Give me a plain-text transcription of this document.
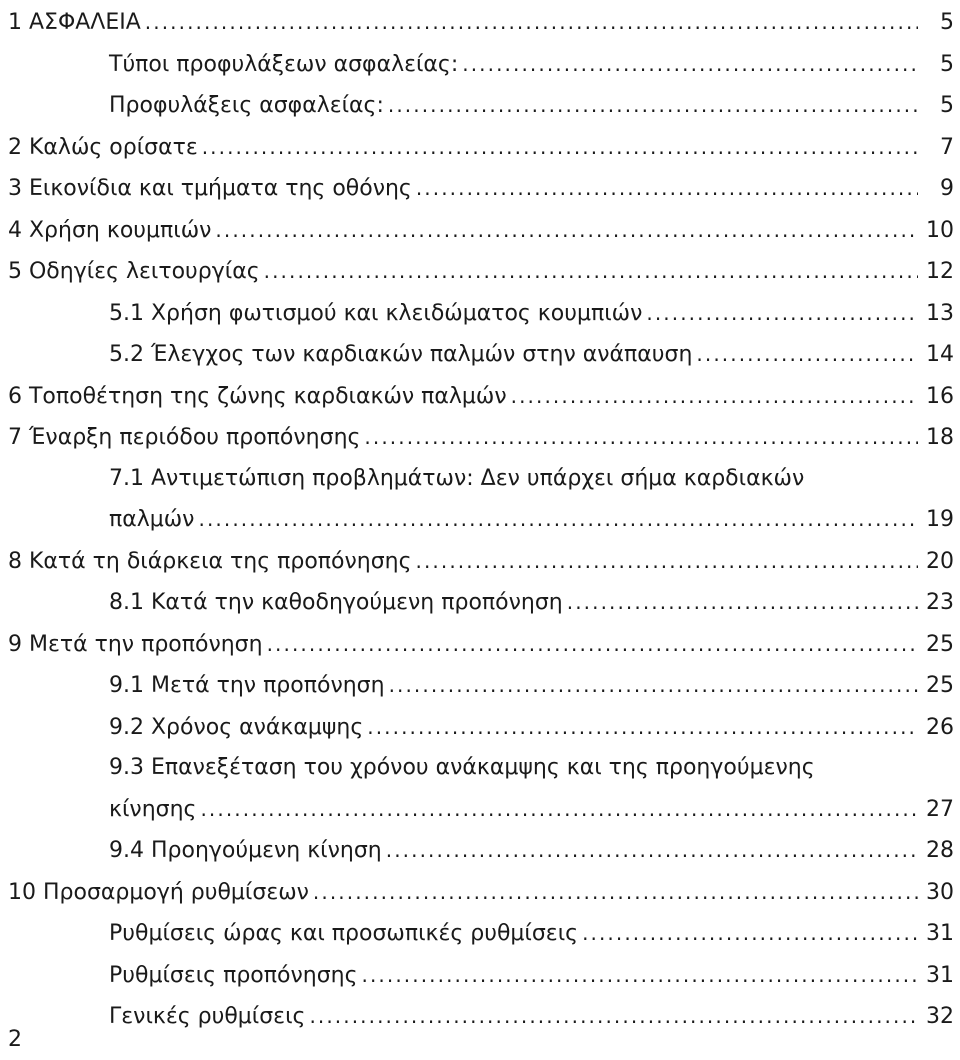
1 ΑΣΦΑΛΕΙΑ .....	5
Τύποι προφυλάξεων ασφαλείας: .....	5
Προφυλάξεις ασφαλείας: .....	5
2 Καλώς ορίσατε .....	7
3 Εικονίδια και τμήματα της οθόνης .....	9
4 Χρήση κουμπιών .....	10
5 Οδηγίες λειτουργίας .....	12
5.1 Χρήση φωτισμού και κλειδώματος κουμπιών .....	13
5.2 Έλεγχος των καρδιακών παλμών στην ανάπαυση .....	14
6 Τοποθέτηση της ζώνης καρδιακών παλμών .....	16
7 Έναρξη περιόδου προπόνησης .....	18
7.1 Αντιμετώπιση προβλημάτων: Δεν υπάρχει σήμα καρδιακών
παλμών .....	19
8 Κατά τη διάρκεια της προπόνησης .....	20
8.1 Κατά την καθοδηγούμενη προπόνηση .....	23
9 Μετά την προπόνηση .....	25
9.1 Μετά την προπόνηση .....	25
9.2 Χρόνος ανάκαμψης .....	26
9.3 Επανεξέταση του χρόνου ανάκαμψης και της προηγούμενης
κίνησης .....	27
9.4 Προηγούμενη κίνηση .....	28
10 Προσαρμογή ρυθμίσεων .....	30
Ρυθμίσεις ώρας και προσωπικές ρυθμίσεις .....	31
Ρυθμίσεις προπόνησης .....	31
Γενικές ρυθμίσεις .....	32
2
